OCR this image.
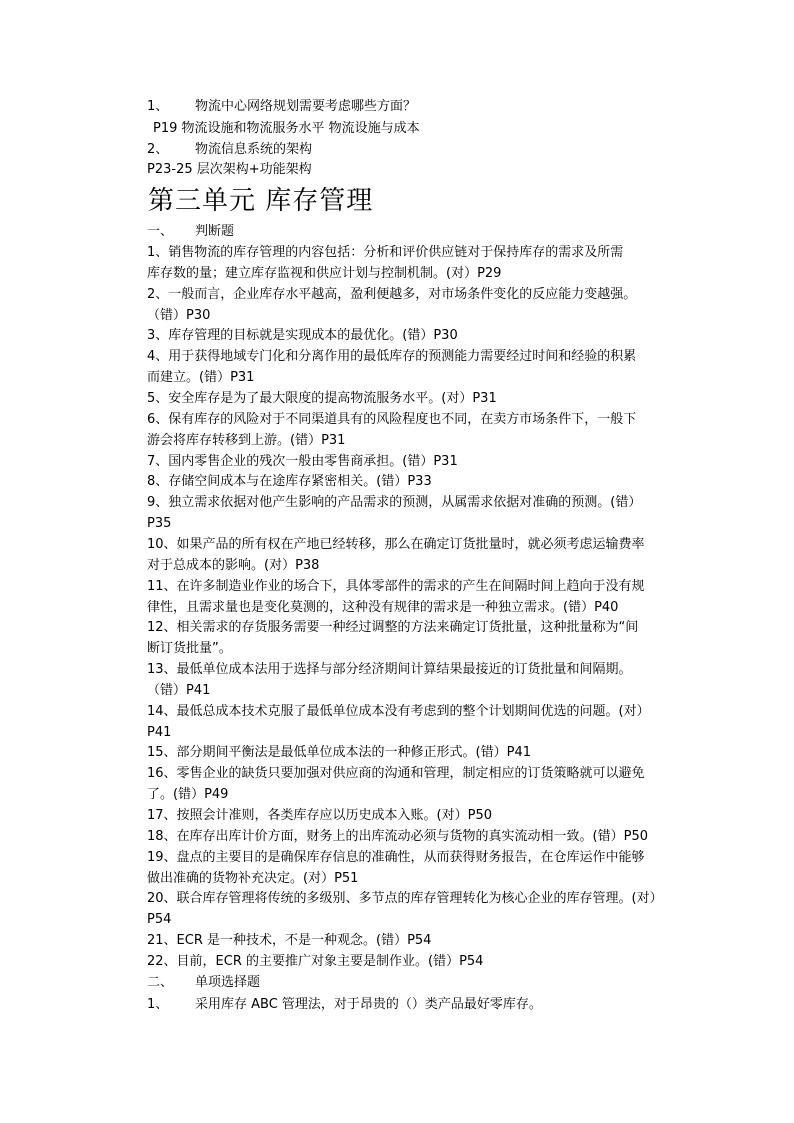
1、 物流中心网络规划需要考虑哪些方面？
P19 物流设施和物流服务水平 物流设施与成本
2、 物流信息系统的架构
P23-25 层次架构+功能架构
第三单元 库存管理
一、 判断题
1、销售物流的库存管理的内容包括：分析和评价供应链对于保持库存的需求及所需
库存数的量；建立库存监视和供应计划与控制机制。(对）P29
2、一般而言，企业库存水平越高，盈利便越多，对市场条件变化的反应能力变越强。
（错）P30
3、库存管理的目标就是实现成本的最优化。(错）P30
4、用于获得地域专门化和分离作用的最低库存的预测能力需要经过时间和经验的积累
而建立。(错）P31
5、安全库存是为了最大限度的提高物流服务水平。(对）P31
6、保有库存的风险对于不同渠道具有的风险程度也不同，在卖方市场条件下，一般下
游会将库存转移到上游。(错）P31
7、国内零售企业的残次一般由零售商承担。(错）P31
8、存储空间成本与在途库存紧密相关。(错）P33
9、独立需求依据对他产生影响的产品需求的预测，从属需求依据对准确的预测。(错）
P35
10、如果产品的所有权在产地已经转移，那么在确定订货批量时，就必须考虑运输费率
对于总成本的影响。(对）P38
11、在许多制造业作业的场合下，具体零部件的需求的产生在间隔时间上趋向于没有规
律性，且需求量也是变化莫测的，这种没有规律的需求是一种独立需求。(错）P40
12、相关需求的存货服务需要一种经过调整的方法来确定订货批量，这种批量称为“间
断订货批量”。
13、最低单位成本法用于选择与部分经济期间计算结果最接近的订货批量和间隔期。
（错）P41
14、最低总成本技术克服了最低单位成本没有考虑到的整个计划期间优选的问题。(对）
P41
15、部分期间平衡法是最低单位成本法的一种修正形式。(错）P41
16、零售企业的缺货只要加强对供应商的沟通和管理，制定相应的订货策略就可以避免
了。(错）P49
17、按照会计准则，各类库存应以历史成本入账。(对）P50
18、在库存出库计价方面，财务上的出库流动必须与货物的真实流动相一致。(错）P50
19、盘点的主要目的是确保库存信息的准确性，从而获得财务报告，在仓库运作中能够
做出准确的货物补充决定。(对）P51
20、联合库存管理将传统的多级别、多节点的库存管理转化为核心企业的库存管理。(对）
P54
21、ECR 是一种技术，不是一种观念。(错）P54
22、目前，ECR 的主要推广对象主要是制作业。(错）P54
二、 单项选择题
1、 采用库存 ABC 管理法，对于昂贵的（）类产品最好零库存。
